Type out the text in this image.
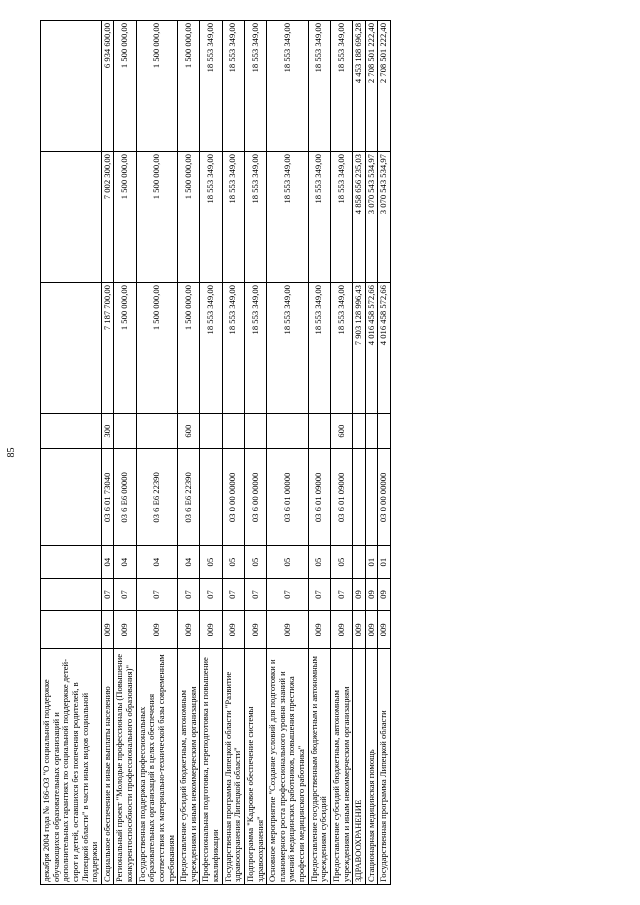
85
декабря 2004 года № 166-ОЗ "О социальной поддержке обучающихся образовательных организаций и дополнительных гарантиях по социальной поддержке детей-сирот и детей, оставшихся без попечения родителей, в Липецкой области" в части иных видов социальной поддержки								
Социальное обеспечение и иные выплаты населению	009	07	04	03 6 01 73040	300	7 187 700,00	7 002 300,00	6 934 600,00
Региональный проект "Молодые профессионалы (Повышение конкурентоспособности профессионального образования)"	009	07	04	03 6 Е6 00000		1 500 000,00	1 500 000,00	1 500 000,00
Государственная поддержка профессиональных образовательных организаций в целях обеспечения соответствия их материально-технической базы современным требованиям	009	07	04	03 6 Е6 22390		1 500 000,00	1 500 000,00	1 500 000,00
Предоставление субсидий бюджетным, автономным учреждениям и иным некоммерческим организациям	009	07	04	03 6 Е6 22390	600	1 500 000,00	1 500 000,00	1 500 000,00
Профессиональная подготовка, переподготовка и повышение квалификации	009	07	05			18 553 349,00	18 553 349,00	18 553 349,00
Государственная программа Липецкой области "Развитие здравоохранения Липецкой области"	009	07	05	03 0 00 00000		18 553 349,00	18 553 349,00	18 553 349,00
Подпрограмма "Кадровое обеспечение системы здравоохранения"	009	07	05	03 6 00 00000		18 553 349,00	18 553 349,00	18 553 349,00
Основное мероприятие "Создание условий для подготовки и планомерного роста профессионального уровня знаний и умений медицинских работников, повышения престижа профессии медицинского работника"	009	07	05	03 6 01 00000		18 553 349,00	18 553 349,00	18 553 349,00
Предоставление государственным бюджетным и автономным учреждениям субсидий	009	07	05	03 6 01 09000		18 553 349,00	18 553 349,00	18 553 349,00
Предоставление субсидий бюджетным, автономным учреждениям и иным некоммерческим организациям	009	07	05	03 6 01 09000	600	18 553 349,00	18 553 349,00	18 553 349,00
ЗДРАВООХРАНЕНИЕ	009	09				7 903 128 996,43	4 858 656 235,03	4 453 188 696,28
Стационарная медицинская помощь	009	09	01			4 016 458 572,66	3 070 543 534,97	2 708 501 222,40
Государственная программа Липецкой области	009	09	01	03 0 00 00000		4 016 458 572,66	3 070 543 534,97	2 708 501 222,40
